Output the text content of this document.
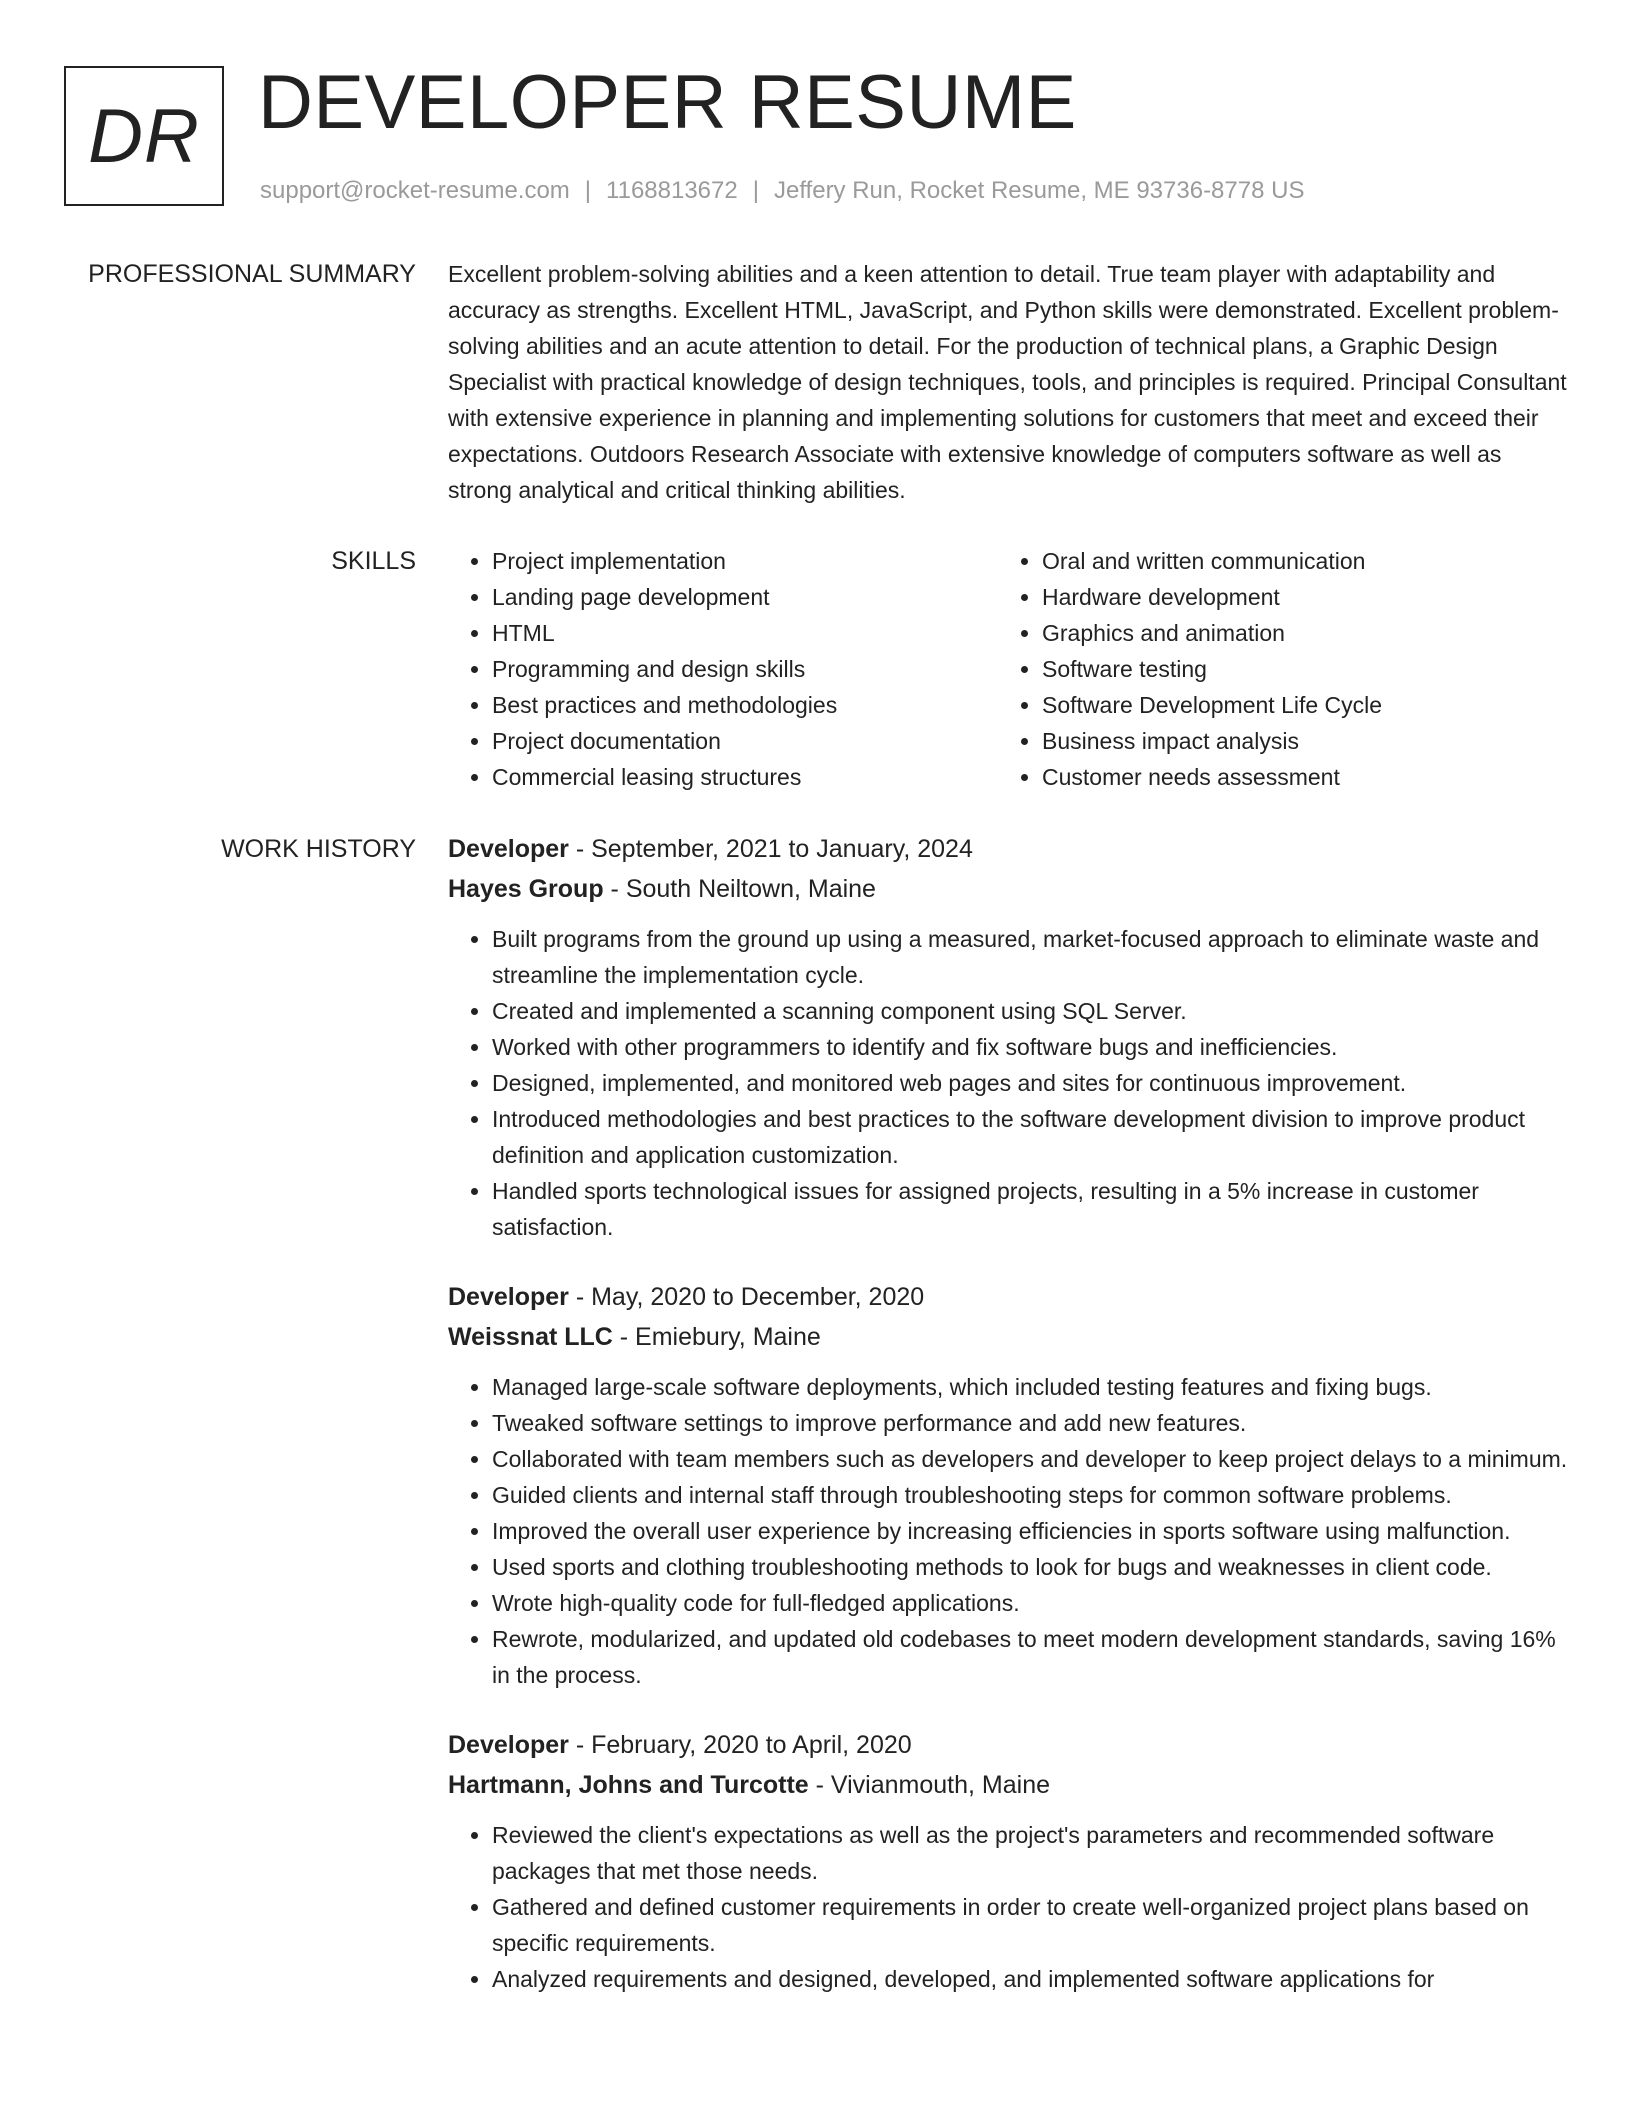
DR DEVELOPER RESUME
support@rocket-resume.com | 1168813672 | Jeffery Run, Rocket Resume, ME 93736-8778 US
PROFESSIONAL SUMMARY Excellent problem-solving abilities and a keen attention to detail. True team player with adaptability and accuracy as strengths. Excellent HTML, JavaScript, and Python skills were demonstrated. Excellent problem-solving abilities and an acute attention to detail. For the production of technical plans, a Graphic Design Specialist with practical knowledge of design techniques, tools, and principles is required. Principal Consultant with extensive experience in planning and implementing solutions for customers that meet and exceed their expectations. Outdoors Research Associate with extensive knowledge of computers software as well as strong analytical and critical thinking abilities.

SKILLS
•	Project implementation
• Landing page development
• HTML
• Programming and design skills
• Best practices and methodologies
• Project documentation
• Commercial leasing structures
• Oral and written communication
• Hardware development
• Graphics and animation
• Software testing
• Software Development Life Cycle
• Business impact analysis
• Customer needs assessment
WORK HISTORY Developer - September, 2021 to January, 2024
Hayes Group - South Neiltown, Maine
• Built programs from the ground up using a measured, market-focused approach to eliminate waste and streamline the implementation cycle.
• Created and implemented a scanning component using SQL Server.
• Worked with other programmers to identify and fix software bugs and inefficiencies.
• Designed, implemented, and monitored web pages and sites for continuous improvement.
• Introduced methodologies and best practices to the software development division to improve product definition and application customization.
• Handled sports technological issues for assigned projects, resulting in a 5% increase in customer satisfaction.
Developer - May, 2020 to December, 2020
Weissnat LLC - Emiebury, Maine
• Managed large-scale software deployments, which included testing features and fixing bugs.
• Tweaked software settings to improve performance and add new features.
• Collaborated with team members such as developers and developer to keep project delays to a minimum.
• Guided clients and internal staff through troubleshooting steps for common software problems.
• Improved the overall user experience by increasing efficiencies in sports software using malfunction.
• Used sports and clothing troubleshooting methods to look for bugs and weaknesses in client code.
• Wrote high-quality code for full-fledged applications.
• Rewrote, modularized, and updated old codebases to meet modern development standards, saving 16% in the process.
Developer - February, 2020 to April, 2020
Hartmann, Johns and Turcotte - Vivianmouth, Maine
• Reviewed the client's expectations as well as the project's parameters and recommended software packages that met those needs.
• Gathered and defined customer requirements in order to create well-organized project plans based on specific requirements.
• Analyzed requirements and designed, developed, and implemented software applications for
